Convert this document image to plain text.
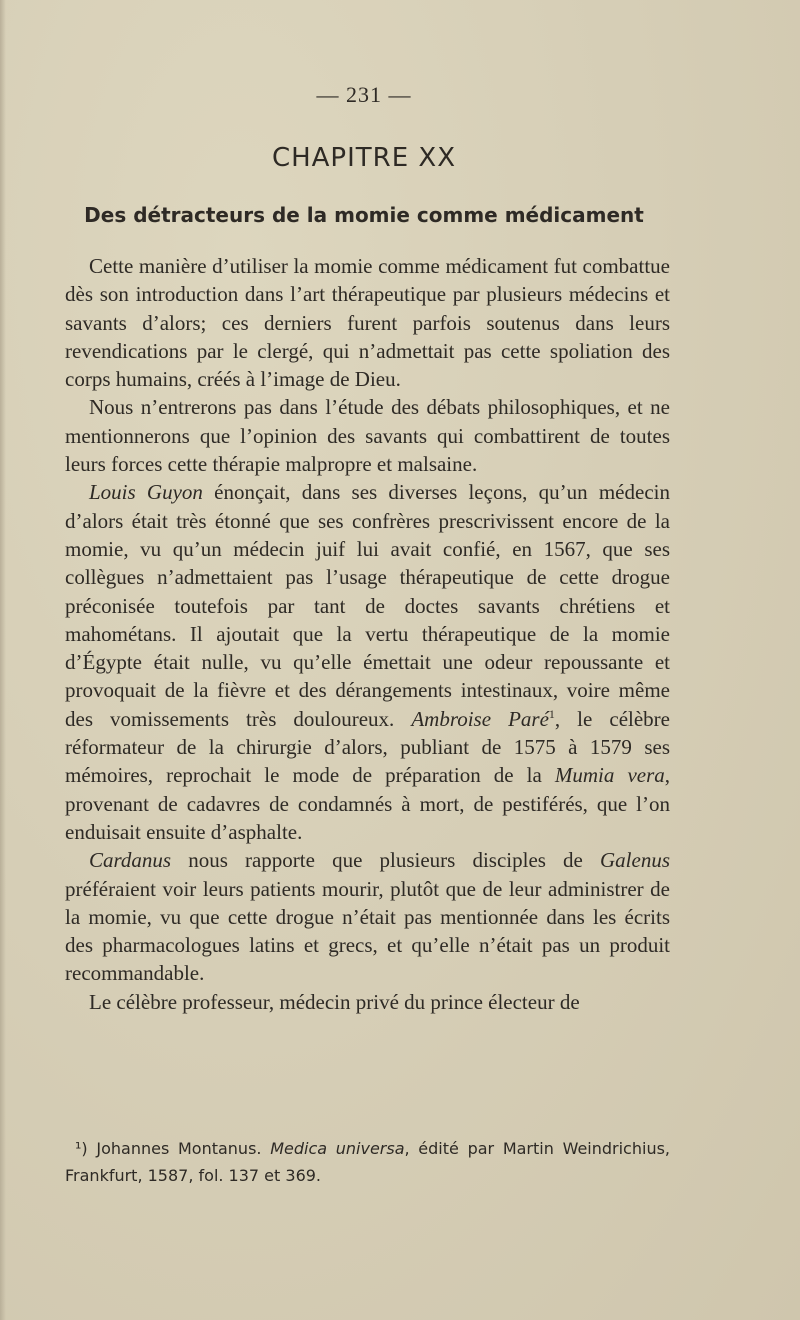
— 231 —
CHAPITRE XX
Des détracteurs de la momie comme médicament

Cette manière d’utiliser la momie comme médicament fut combattue dès son introduction dans l’art thérapeutique par plusieurs médecins et savants d’alors; ces derniers furent parfois soutenus dans leurs revendications par le clergé, qui n’admettait pas cette spoliation des corps humains, créés à l’image de Dieu.

Nous n’entrerons pas dans l’étude des débats philosophiques, et ne mentionnerons que l’opinion des savants qui combattirent de toutes leurs forces cette thérapie malpropre et malsaine.

Louis Guyon énonçait, dans ses diverses leçons, qu’un médecin d’alors était très étonné que ses confrères prescrivissent encore de la momie, vu qu’un médecin juif lui avait confié, en 1567, que ses collègues n’admettaient pas l’usage thérapeutique de cette drogue préconisée toutefois par tant de doctes savants chrétiens et mahométans. Il ajoutait que la vertu thérapeutique de la momie d’Égypte était nulle, vu qu’elle émettait une odeur repoussante et provoquait de la fièvre et des dérangements intestinaux, voire même des vomissements très douloureux. Ambroise Paré$^1$, le célèbre réformateur de la chirurgie d’alors, publiant de 1575 à 1579 ses mémoires, reprochait le mode de préparation de la Mumia vera, provenant de cadavres de condamnés à mort, de pestiférés, que l’on enduisait ensuite d’asphalte.

Cardanus nous rapporte que plusieurs disciples de Galenus préféraient voir leurs patients mourir, plutôt que de leur administrer de la momie, vu que cette drogue n’était pas mentionnée dans les écrits des pharmacologues latins et grecs, et qu’elle n’était pas un produit recommandable.

Le célèbre professeur, médecin privé du prince électeur de

¹) Johannes Montanus. Medica universa, édité par Martin Weindrichius, Frankfurt, 1587, fol. 137 et 369.
